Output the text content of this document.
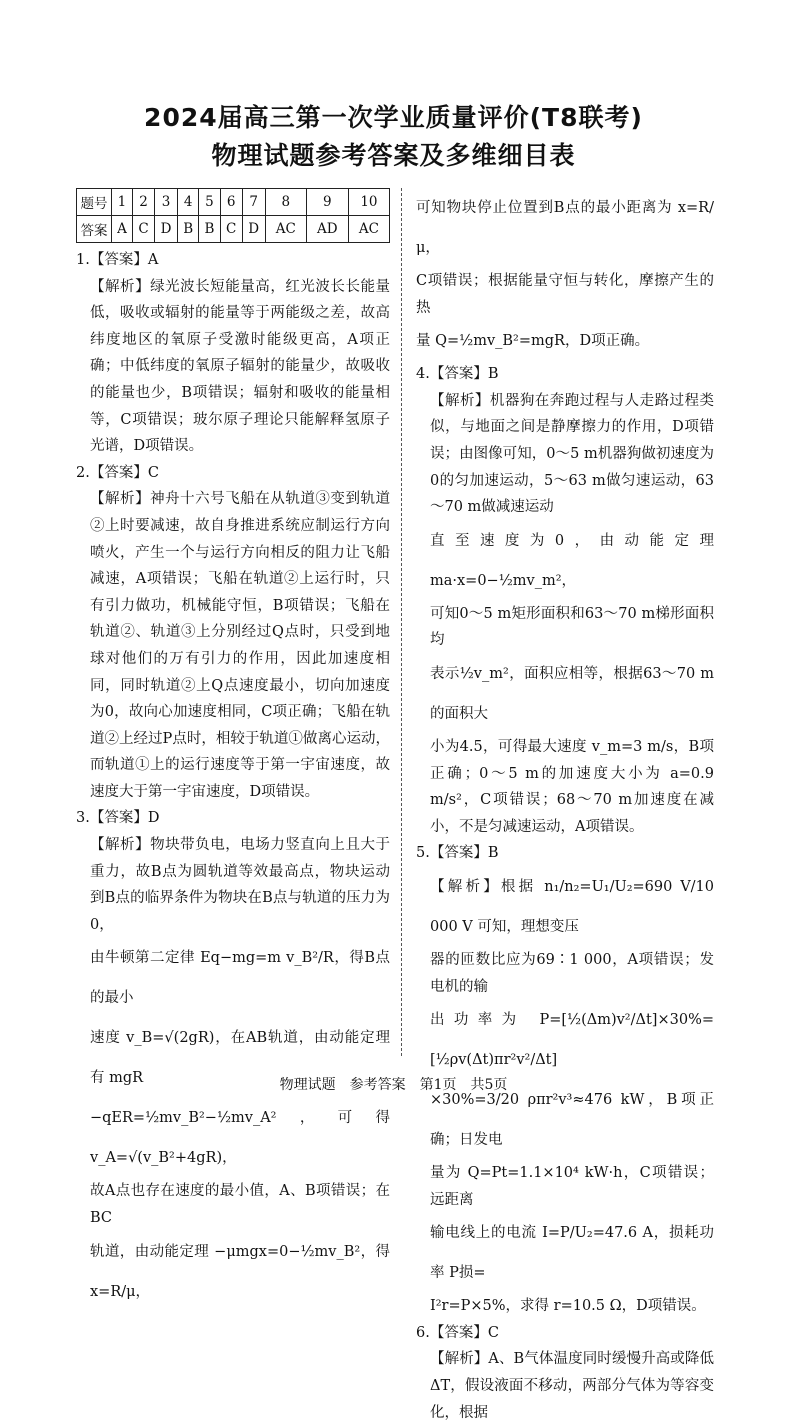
2024届高三第一次学业质量评价(T8联考)
物理试题参考答案及多维细目表
题号	1	2	3	4	5	6	7	8	9	10
答案	A	C	D	B	B	C	D	AC	AD	AC

1.【答案】A

【解析】绿光波长短能量高，红光波长长能量低，吸收或辐射的能量等于两能级之差，故高纬度地区的氧原子受激时能级更高，A项正确；中低纬度的氧原子辐射的能量少，故吸收的能量也少，B项错误；辐射和吸收的能量相等，C项错误；玻尔原子理论只能解释氢原子光谱，D项错误。

2.【答案】C

【解析】神舟十六号飞船在从轨道③变到轨道②上时要减速，故自身推进系统应制运行方向喷火，产生一个与运行方向相反的阻力让飞船减速，A项错误；飞船在轨道②上运行时，只有引力做功，机械能守恒，B项错误；飞船在轨道②、轨道③上分别经过Q点时，只受到地球对他们的万有引力的作用，因此加速度相同，同时轨道②上Q点速度最小，切向加速度为0，故向心加速度相同，C项正确；飞船在轨道②上经过P点时，相较于轨道①做离心运动，而轨道①上的运行速度等于第一宇宙速度，故速度大于第一宇宙速度，D项错误。

3.【答案】D

【解析】物块带负电，电场力竖直向上且大于重力，故B点为圆轨道等效最高点，物块运动到B点的临界条件为物块在B点与轨道的压力为0，

由牛顿第二定律 Eq−mg=m v_B²/R，得B点的最小

速度 v_B=√(2gR)，在AB轨道，由动能定理有 mgR

−qER=½mv_B²−½mv_A²，可得 v_A=√(v_B²+4gR)，

故A点也存在速度的最小值，A、B项错误；在BC

轨道，由动能定理 −μmgx=0−½mv_B²，得 x=R/μ，

可知物块停止位置到B点的最小距离为 x=R/μ，

C项错误；根据能量守恒与转化，摩擦产生的热

量 Q=½mv_B²=mgR，D项正确。

4.【答案】B

【解析】机器狗在奔跑过程与人走路过程类似，与地面之间是静摩擦力的作用，D项错误；由图像可知，0～5 m机器狗做初速度为0的匀加速运动，5～63 m做匀速运动，63～70 m做减速运动

直至速度为0，由动能定理 ma·x=0−½mv_m²，

可知0～5 m矩形面积和63～70 m梯形面积均

表示½v_m²，面积应相等，根据63～70 m的面积大

小为4.5，可得最大速度 v_m=3 m/s，B项正确；0～5 m的加速度大小为 a=0.9 m/s²，C项错误；68～70 m加速度在减小，不是匀减速运动，A项错误。

5.【答案】B

【解析】根据 n₁/n₂=U₁/U₂=690 V/10 000 V 可知，理想变压

器的匝数比应为69∶1 000，A项错误；发电机的输

出功率为 P=[½(Δm)v²/Δt]×30%=[½ρv(Δt)πr²v²/Δt]

×30%=3/20 ρπr²v³≈476 kW，B项正确；日发电

量为 Q=Pt=1.1×10⁴ kW·h，C项错误；远距离

输电线上的电流 I=P/U₂=47.6 A，损耗功率 P损=

I²r=P×5%，求得 r=10.5 Ω，D项错误。

6.【答案】C

【解析】A、B气体温度同时缓慢升高或降低ΔT，假设液面不移动，两部分气体为等容变化，根据

物理试题　参考答案　第1页　共5页
